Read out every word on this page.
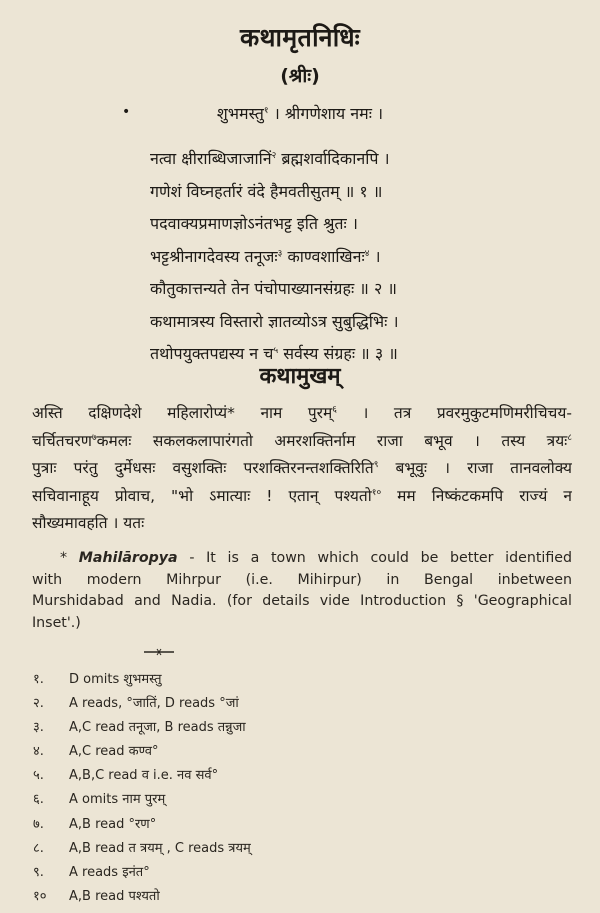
कथामृतनिधिः
(श्रीः)
•	शुभमस्तु$^१$ । श्रीगणेशाय नमः ।
नत्वा क्षीराब्धिजाजानिं$^२$ ब्रह्मशर्वादिकानपि ।
गणेशं विघ्नहर्तारं वंदे हैमवतीसुतम् ॥ १ ॥
पदवाक्यप्रमाणज्ञोऽनंतभट्ट इति श्रुतः ।
भट्टश्रीनागदेवस्य तनूजः$^३$ काण्वशाखिनः$^४$ ।
कौतुकात्तन्यते तेन पंचोपाख्यानसंग्रहः ॥ २ ॥
कथामात्रस्य विस्तारो ज्ञातव्योऽत्र सुबुद्धिभिः ।
तथोपयुक्तपद्यस्य न च$^५$ सर्वस्य संग्रहः ॥ ३ ॥
कथामुखम्
अस्ति दक्षिणदेशे महिलारोप्यं* नाम पुरम्$^६$ । तत्र प्रवरमुकुटमणिमरीचिचय-
चर्चितचरण$^७$कमलः सकलकलापारंगतो अमरशक्तिर्नाम राजा बभूव । तस्य त्रयः$^८$
पुत्राः परंतु दुर्मेधसः वसुशक्तिः परशक्तिरनन्तशक्तिरिति$^९$ बभूवुः । राजा तानवलोक्य
सचिवानाहूय प्रोवाच, "भो ऽमात्याः ! एतान् पश्यतो$^{१०}$ मम निष्कंटकमपि राज्यं न
सौख्यमावहति । यतः
* Mahilāropya - It is a town which could be better identified
with modern Mihrpur (i.e. Mihirpur) in Bengal inbetween
Murshidabad and Nadia. (for details vide Introduction § 'Geographical
Inset'.)
१.	D omits शुभमस्तु
२.	A reads, °जातिं, D reads °जां
३.	A,C read तनूजा, B reads तन्नुजा
४.	A,C read कण्व°
५.	A,B,C read व i.e. नव सर्व°
६.	A omits नाम पुरम्
७.	A,B read °रण°
८.	A,B read त त्रयम् , C reads त्रयम्
९.	A reads इनंत°
१०	A,B read पश्यतो
